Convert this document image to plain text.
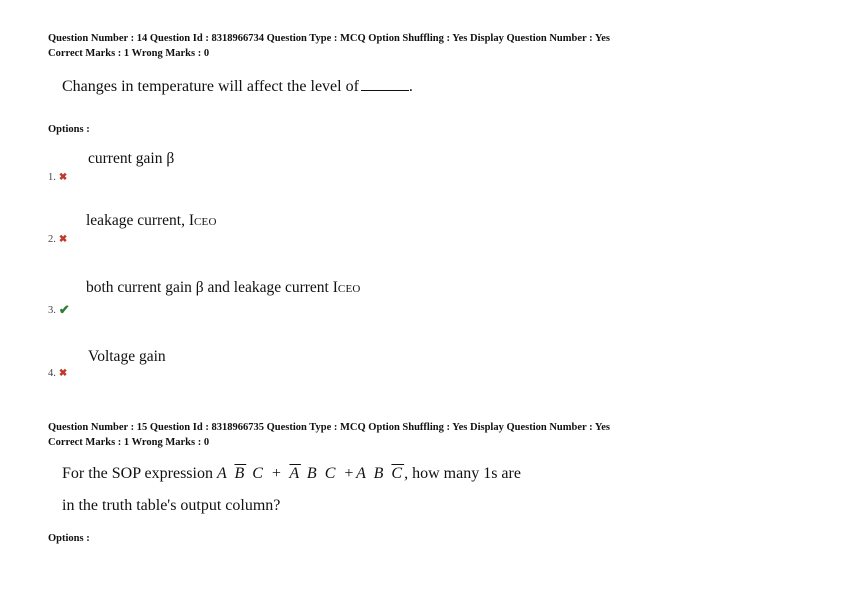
Question Number : 14 Question Id : 8318966734 Question Type : MCQ Option Shuffling : Yes Display Question Number : Yes
Correct Marks : 1 Wrong Marks : 0
Changes in temperature will affect the level of	.
Options :
current gain β
1. ✖
leakage current, ICEO
2. ✖
both current gain β and leakage current ICEO
3. ✔
Voltage gain
4. ✖
Question Number : 15 Question Id : 8318966735 Question Type : MCQ Option Shuffling : Yes Display Question Number : Yes
Correct Marks : 1 Wrong Marks : 0
For the SOP expression A $\overline{B}$ $C + \overline{A}$ B C +A B $\overline{C}$, how many 1s are
in the truth table's output column?
Options :
